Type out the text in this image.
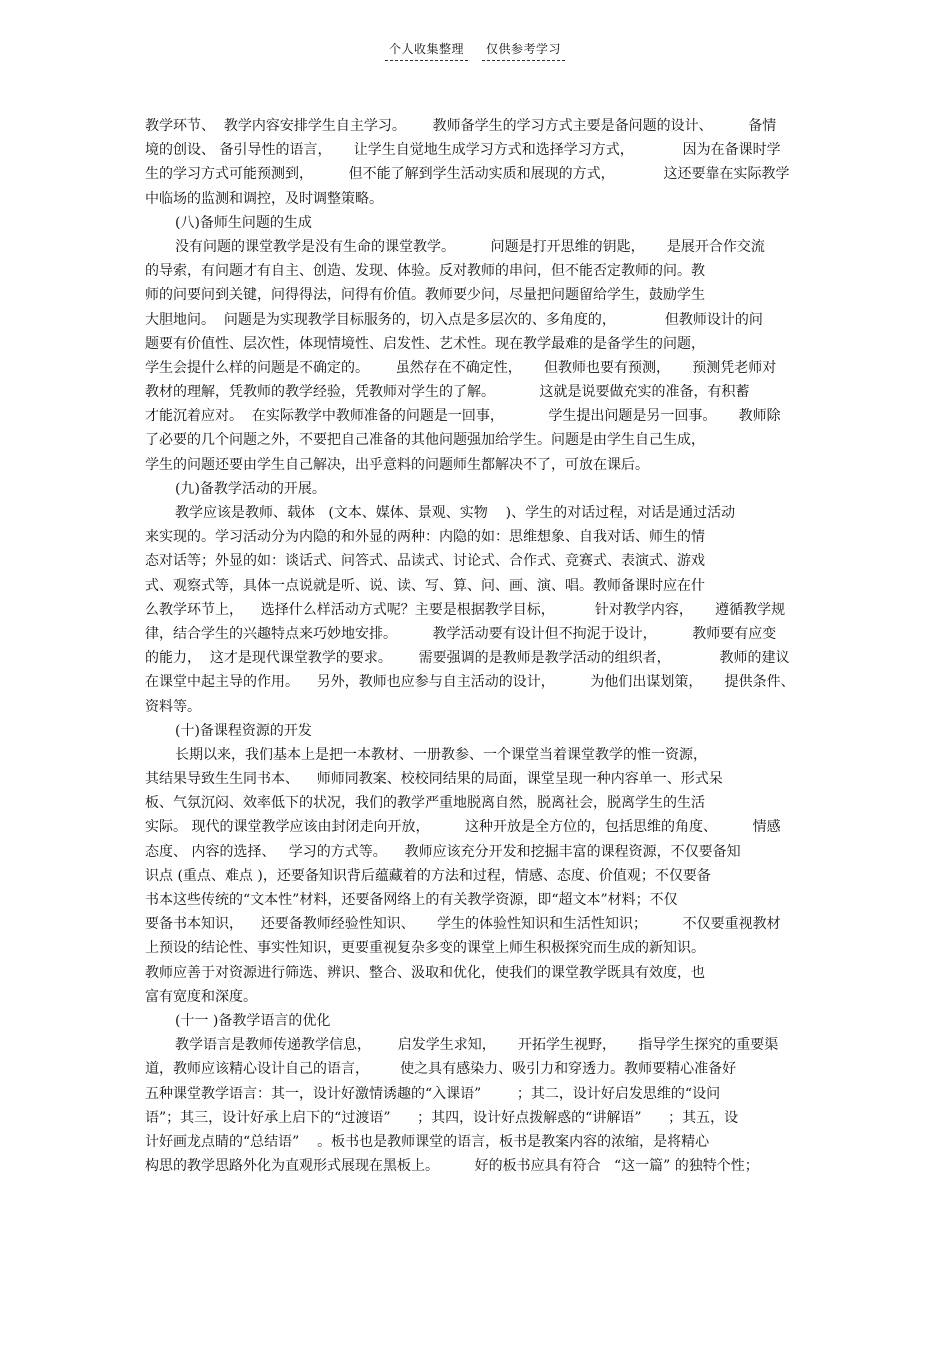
个人收集整理 仅供参考学习
教学环节、  教学内容安排学生自主学习。      教师备学生的学习方式主要是备问题的设计、        备情
境的创设、 备引导性的语言，     让学生自觉地生成学习方式和选择学习方式，           因为在备课时学
生的学习方式可能预测到，        但不能了解到学生活动实质和展现的方式，           这还要靠在实际教学
中临场的监测和调控，及时调整策略。
(八)备师生问题的生成
没有问题的课堂教学是没有生命的课堂教学。        问题是打开思维的钥匙，     是展开合作交流
的导索，有问题才有自主、创造、发现、体验。反对教师的串问，但不能否定教师的问。教
师的问要问到关键，问得得法，问得有价值。教师要少问，尽量把问题留给学生，鼓励学生
大胆地问。  问题是为实现教学目标服务的，切入点是多层次的、多角度的，           但教师设计的问
题要有价值性、层次性，体现情境性、启发性、艺术性。现在教学最难的是备学生的问题，
学生会提什么样的问题是不确定的。      虽然存在不确定性，     但教师也要有预测，     预测凭老师对
教材的理解，凭教师的教学经验，凭教师对学生的了解。          这就是说要做充实的准备，有积蓄
才能沉着应对。  在实际教学中教师准备的问题是一回事，          学生提出问题是另一回事。     教师除
了必要的几个问题之外，不要把自己准备的其他问题强加给学生。问题是由学生自己生成，
学生的问题还要由学生自己解决，出乎意料的问题师生都解决不了，可放在课后。
(九)备教学活动的开展。
教学应该是教师、载体   (文本、媒体、景观、实物    )、学生的对话过程，对话是通过活动
来实现的。学习活动分为内隐的和外显的两种：内隐的如：思维想象、自我对话、师生的情
态对话等；外显的如：谈话式、问答式、品读式、讨论式、合作式、竞赛式、表演式、游戏
式、观察式等，具体一点说就是听、说、读、写、算、问、画、演、唱。教师备课时应在什
么教学环节上，    选择什么样活动方式呢？主要是根据教学目标，         针对教学内容，     遵循教学规
律，结合学生的兴趣特点来巧妙地安排。        教学活动要有设计但不拘泥于设计，        教师要有应变
的能力，  这才是现代课堂教学的要求。      需要强调的是教师是教学活动的组织者，           教师的建议
在课堂中起主导的作用。    另外，教师也应参与自主活动的设计，        为他们出谋划策，     提供条件、
资料等。
(十)备课程资源的开发
长期以来，我们基本上是把一本教材、一册教参、一个课堂当着课堂教学的惟一资源，
其结果导致生生同书本、    师师同教案、校校同结果的局面，课堂呈现一种内容单一、形式呆
板、气氛沉闷、效率低下的状况，我们的教学严重地脱离自然，脱离社会，脱离学生的生活
实际。 现代的课堂教学应该由封闭走向开放，        这种开放是全方位的，包括思维的角度、        情感
态度、 内容的选择、   学习的方式等。    教师应该充分开发和挖掘丰富的课程资源，不仅要备知
识点 (重点、难点 )，还要备知识背后蕴藏着的方法和过程，情感、态度、价值观；不仅要备
书本这些传统的“文本性”材料，还要备网络上的有关教学资源，即“超文本”材料；不仅
要备书本知识，    还要备教师经验性知识、     学生的体验性知识和生活性知识；        不仅要重视教材
上预设的结论性、事实性知识，更要重视复杂多变的课堂上师生积极探究而生成的新知识。
教师应善于对资源进行筛选、辨识、整合、汲取和优化，使我们的课堂教学既具有效度，也
富有宽度和深度。
(十一 )备教学语言的优化
教学语言是教师传递教学信息，      启发学生求知，     开拓学生视野，     指导学生探究的重要渠
道，教师应该精心设计自己的语言，       使之具有感染力、吸引力和穿透力。教师要精心准备好
五种课堂教学语言：其一，设计好激情诱趣的“入课语”        ；其二，设计好启发思维的“设问
语”；其三，设计好承上启下的“过渡语”      ；其四，设计好点拨解惑的“讲解语”      ；其五，设
计好画龙点睛的“总结语”    。板书也是教师课堂的语言，板书是教案内容的浓缩，是将精心
构思的教学思路外化为直观形式展现在黑板上。        好的板书应具有符合   “这一篇” 的独特个性；
